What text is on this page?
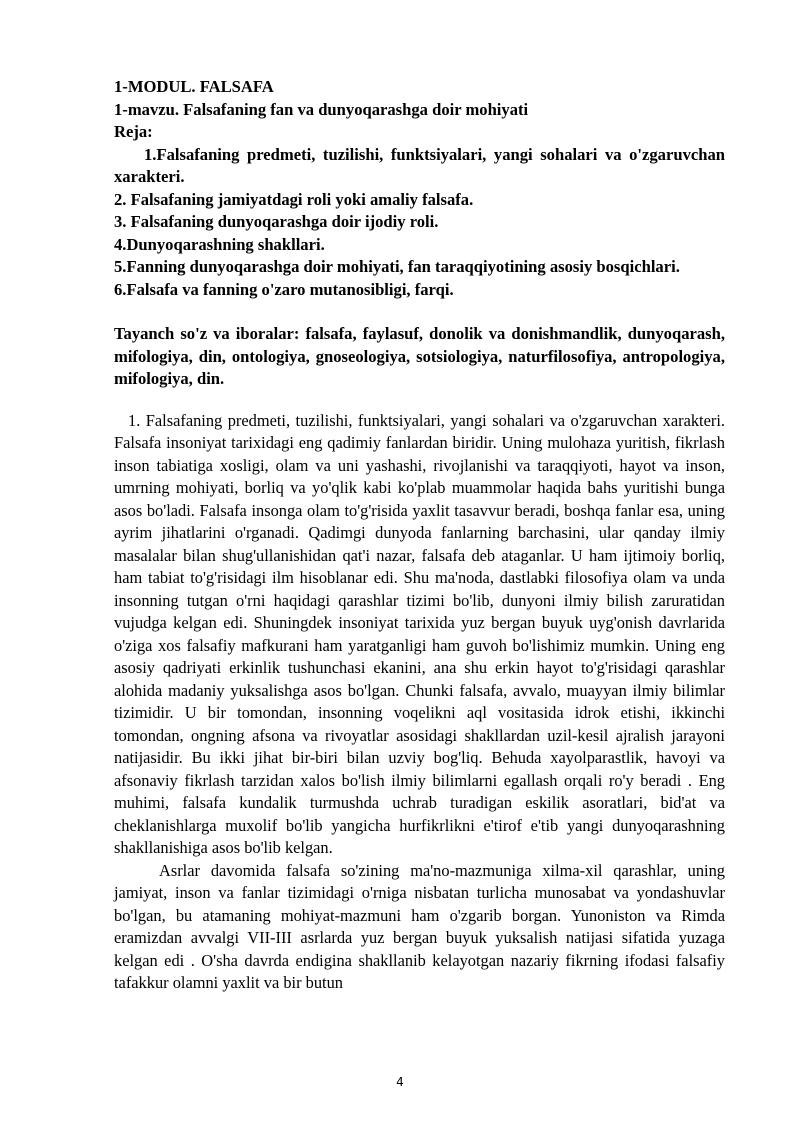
1-MODUL. FALSAFA

1-mavzu. Falsafaning fan va dunyoqarashga doir mohiyati

Reja:

1.Falsafaning predmeti, tuzilishi, funktsiyalari, yangi sohalari va o'zgaruvchan xarakteri.

2. Falsafaning jamiyatdagi roli yoki amaliy falsafa.

3. Falsafaning dunyoqarashga doir ijodiy roli.

4.Dunyoqarashning shakllari.

5.Fanning dunyoqarashga doir mohiyati, fan taraqqiyotining asosiy bosqichlari.

6.Falsafa va fanning o'zaro mutanosibligi, farqi.

Tayanch so'z va iboralar: falsafa, faylasuf, donolik va donishmandlik, dunyoqarash, mifologiya, din, ontologiya, gnoseologiya, sotsiologiya, naturfilosofiya, antropologiya, mifologiya, din.

1. Falsafaning predmeti, tuzilishi, funktsiyalari, yangi sohalari va o'zgaruvchan xarakteri. Falsafa insoniyat tarixidagi eng qadimiy fanlardan biridir. Uning mulohaza yuritish, fikrlash inson tabiatiga xosligi, olam va uni yashashi, rivojlanishi va taraqqiyoti, hayot va inson, umrning mohiyati, borliq va yo'qlik kabi ko'plab muammolar haqida bahs yuritishi bunga asos bo'ladi. Falsafa insonga olam to'g'risida yaxlit tasavvur beradi, boshqa fanlar esa, uning ayrim jihatlarini o'rganadi. Qadimgi dunyoda fanlarning barchasini, ular qanday ilmiy masalalar bilan shug'ullanishidan qat'i nazar, falsafa deb ataganlar. U ham ijtimoiy borliq, ham tabiat to'g'risidagi ilm hisoblanar edi. Shu ma'noda, dastlabki filosofiya olam va unda insonning tutgan o'rni haqidagi qarashlar tizimi bo'lib, dunyoni ilmiy bilish zaruratidan vujudga kelgan edi. Shuningdek insoniyat tarixida yuz bergan buyuk uyg'onish davrlarida o'ziga xos falsafiy mafkurani ham yaratganligi ham guvoh bo'lishimiz mumkin. Uning eng asosiy qadriyati erkinlik tushunchasi ekanini, ana shu erkin hayot to'g'risidagi qarashlar alohida madaniy yuksalishga asos bo'lgan. Chunki falsafa, avvalo, muayyan ilmiy bilimlar tizimidir. U bir tomondan, insonning voqelikni aql vositasida idrok etishi, ikkinchi tomondan, ongning afsona va rivoyatlar asosidagi shakllardan uzil-kesil ajralish jarayoni natijasidir. Bu ikki jihat bir-biri bilan uzviy bog'liq. Behuda xayolparastlik, havoyi va afsonaviy fikrlash tarzidan xalos bo'lish ilmiy bilimlarni egallash orqali ro'y beradi . Eng muhimi, falsafa kundalik turmushda uchrab turadigan eskilik asoratlari, bid'at va cheklanishlarga muxolif bo'lib yangicha hurfikrlikni e'tirof e'tib yangi dunyoqarashning shakllanishiga asos bo'lib kelgan.

Asrlar davomida falsafa so'zining ma'no-mazmuniga xilma-xil qarashlar, uning jamiyat, inson va fanlar tizimidagi o'rniga nisbatan turlicha munosabat va yondashuvlar bo'lgan, bu atamaning mohiyat-mazmuni ham o'zgarib borgan. Yunoniston va Rimda eramizdan avvalgi VII-III asrlarda yuz bergan buyuk yuksalish natijasi sifatida yuzaga kelgan edi . O'sha davrda endigina shakllanib kelayotgan nazariy fikrning ifodasi falsafiy tafakkur olamni yaxlit va bir butun

4
